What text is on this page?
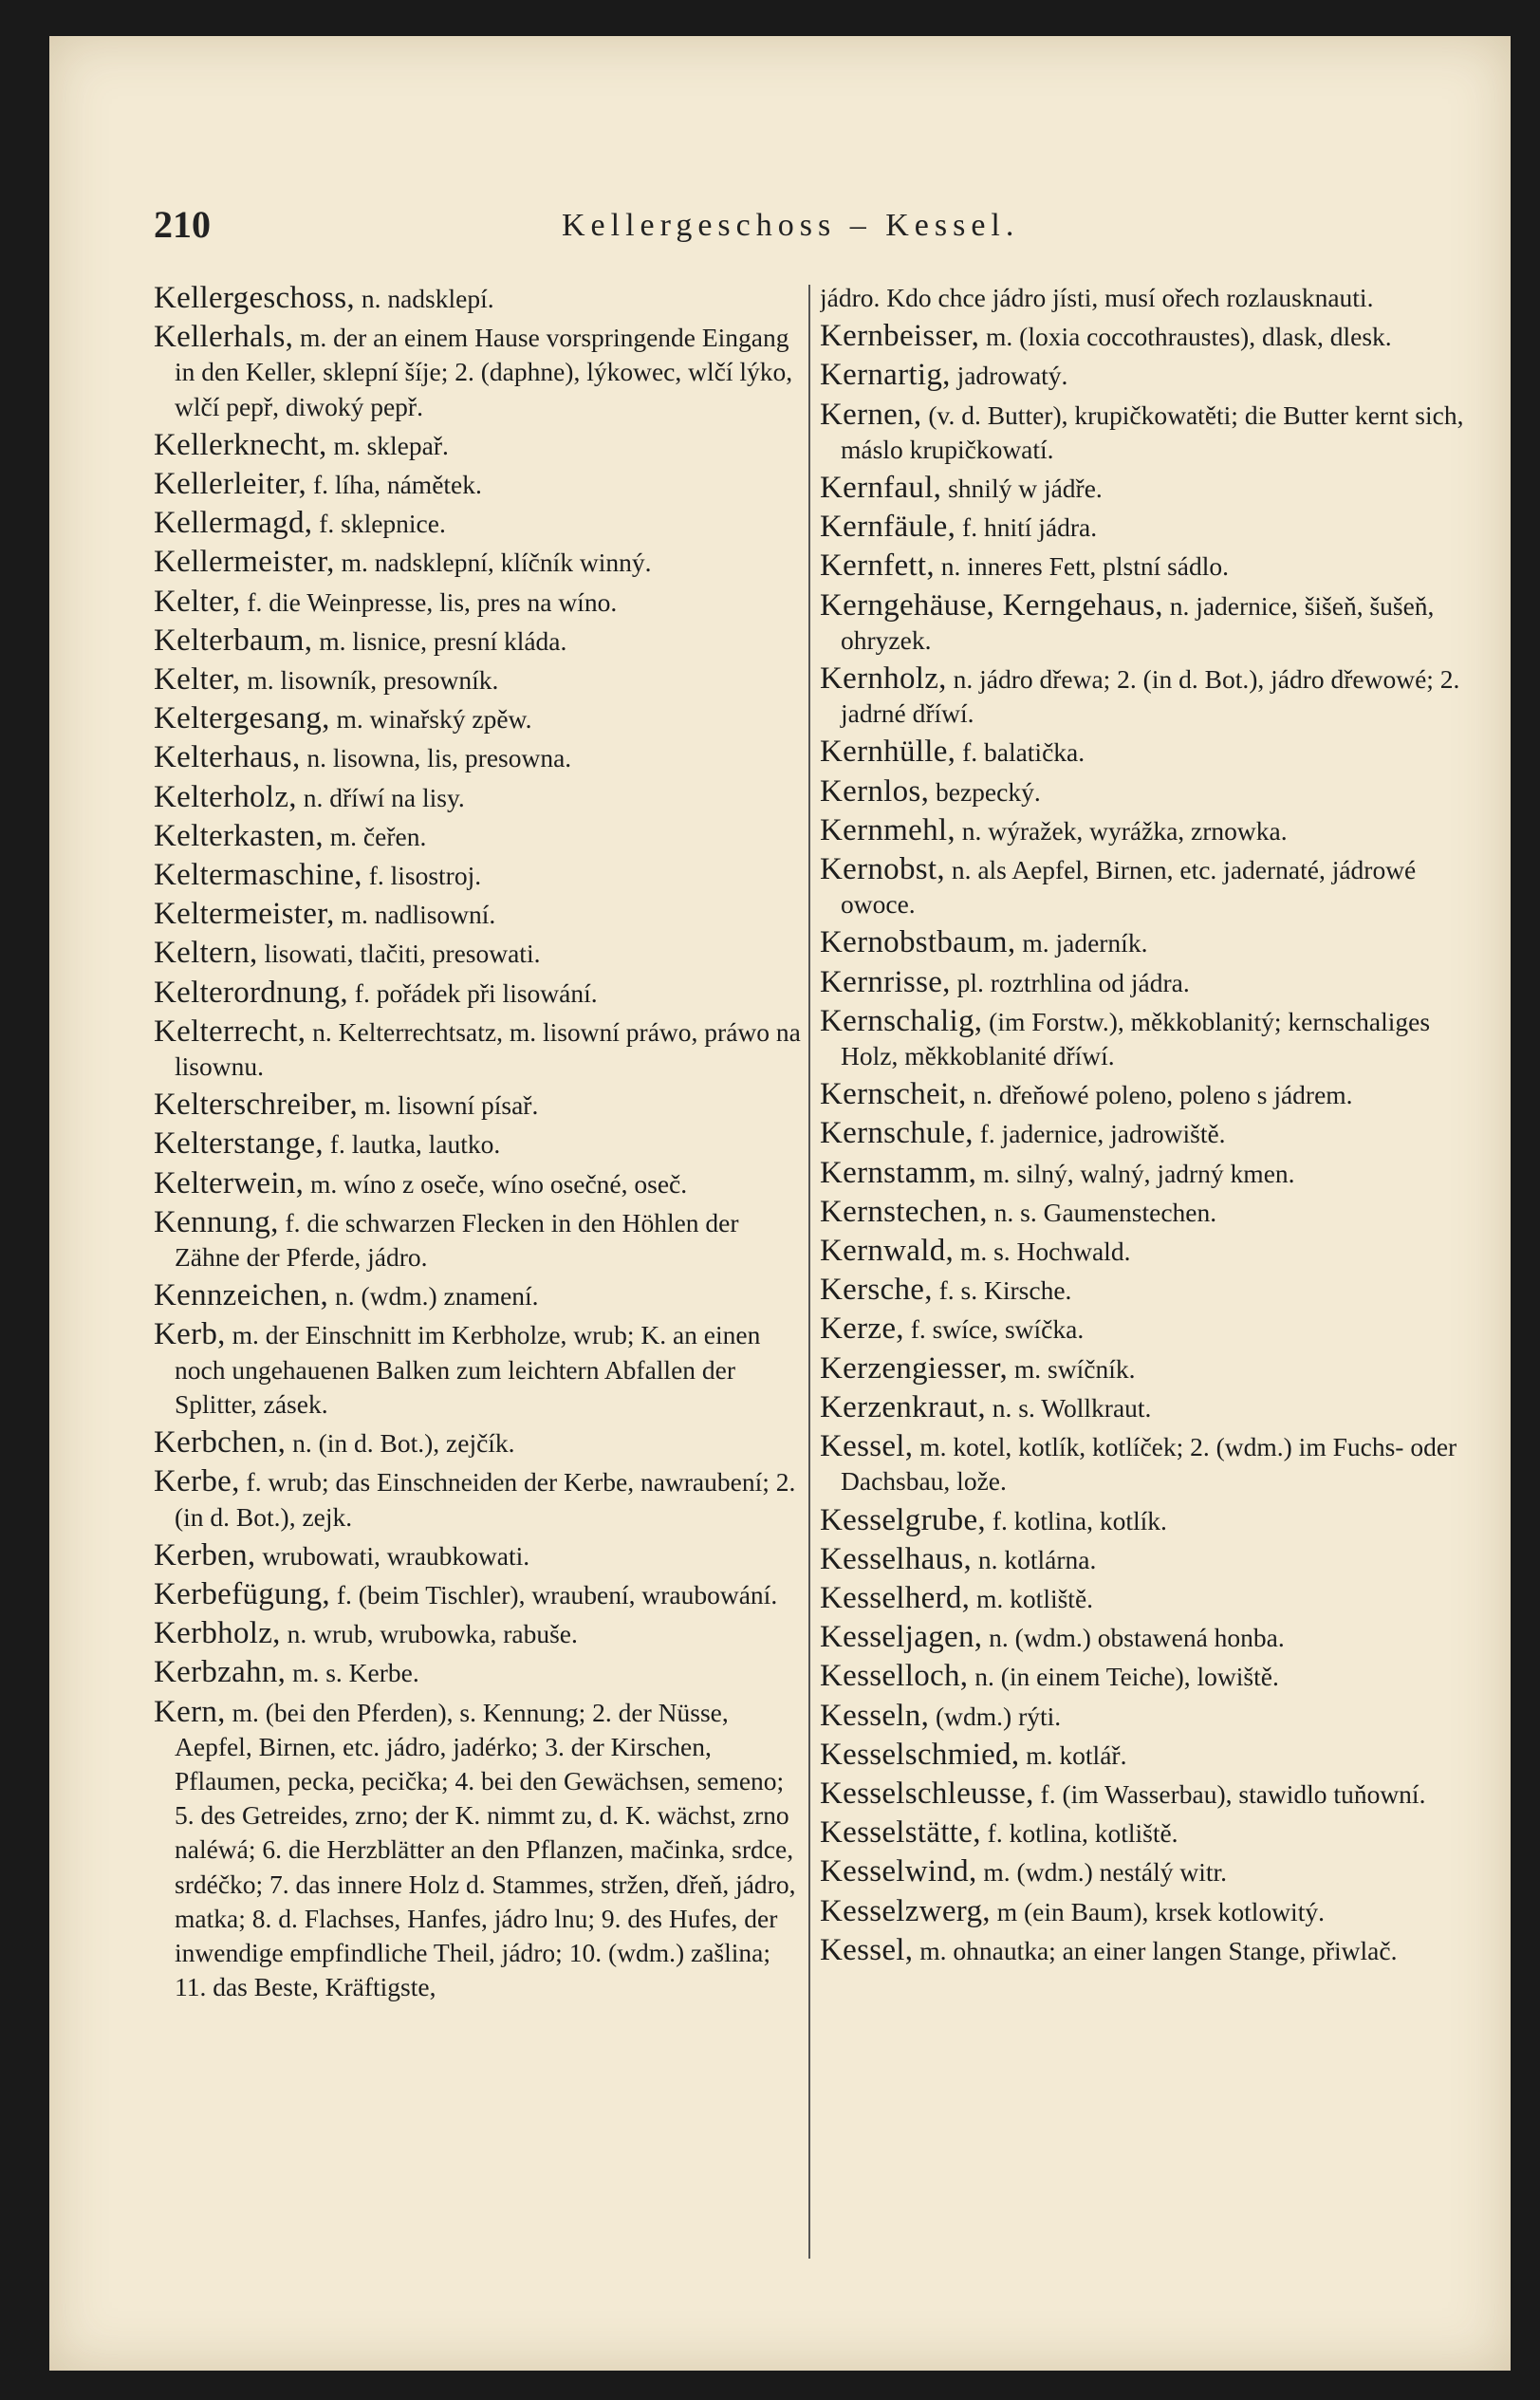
210	Kellergeschoss – Kessel.

Kellergeschoss, n. nadsklepí.

Kellerhals, m. der an einem Hause vorspringende Eingang in den Keller, sklepní šíje; 2. (daphne), lýkowec, wlčí lýko, wlčí pepř, diwoký pepř.

Kellerknecht, m. sklepař.

Kellerleiter, f. líha, námětek.

Kellermagd, f. sklepnice.

Kellermeister, m. nadsklepní, klíčník winný.

Kelter, f. die Weinpresse, lis, pres na wíno.

Kelterbaum, m. lisnice, presní kláda.

Kelter, m. lisowník, presowník.

Keltergesang, m. winařský zpěw.

Kelterhaus, n. lisowna, lis, presowna.

Kelterholz, n. dříwí na lisy.

Kelterkasten, m. čeřen.

Keltermaschine, f. lisostroj.

Keltermeister, m. nadlisowní.

Keltern, lisowati, tlačiti, presowati.

Kelterordnung, f. pořádek při lisowání.

Kelterrecht, n. Kelterrechtsatz, m. lisowní práwo, práwo na lisownu.

Kelterschreiber, m. lisowní písař.

Kelterstange, f. lautka, lautko.

Kelterwein, m. wíno z oseče, wíno osečné, oseč.

Kennung, f. die schwarzen Flecken in den Höhlen der Zähne der Pferde, jádro.

Kennzeichen, n. (wdm.) znamení.

Kerb, m. der Einschnitt im Kerbholze, wrub; K. an einen noch ungehauenen Balken zum leichtern Abfallen der Splitter, zásek.

Kerbchen, n. (in d. Bot.), zejčík.

Kerbe, f. wrub; das Einschneiden der Kerbe, nawraubení; 2. (in d. Bot.), zejk.

Kerben, wrubowati, wraubkowati.

Kerbefügung, f. (beim Tischler), wraubení, wraubowání.

Kerbholz, n. wrub, wrubowka, rabuše.

Kerbzahn, m. s. Kerbe.

Kern, m. (bei den Pferden), s. Kennung; 2. der Nüsse, Aepfel, Birnen, etc. jádro, jadérko; 3. der Kirschen, Pflaumen, pecka, pecička; 4. bei den Gewächsen, semeno; 5. des Getreides, zrno; der K. nimmt zu, d. K. wächst, zrno naléwá; 6. die Herzblätter an den Pflanzen, mačinka, srdce, srdéčko; 7. das innere Holz d. Stammes, stržen, dřeň, jádro, matka; 8. d. Flachses, Hanfes, jádro lnu; 9. des Hufes, der inwendige empfindliche Theil, jádro; 10. (wdm.) zašlina; 11. das Beste, Kräftigste,

jádro. Kdo chce jádro jísti, musí ořech rozlausknauti.

Kernbeisser, m. (loxia coccothraustes), dlask, dlesk.

Kernartig, jadrowatý.

Kernen, (v. d. Butter), krupičkowatěti; die Butter kernt sich, máslo krupičkowatí.

Kernfaul, shnilý w jádře.

Kernfäule, f. hnití jádra.

Kernfett, n. inneres Fett, plstní sádlo.

Kerngehäuse, Kerngehaus, n. jadernice, šišeň, šušeň, ohryzek.

Kernholz, n. jádro dřewa; 2. (in d. Bot.), jádro dřewowé; 2. jadrné dříwí.

Kernhülle, f. balatička.

Kernlos, bezpecký.

Kernmehl, n. wýražek, wyrážka, zrnowka.

Kernobst, n. als Aepfel, Birnen, etc. jadernaté, jádrowé owoce.

Kernobstbaum, m. jaderník.

Kernrisse, pl. roztrhlina od jádra.

Kernschalig, (im Forstw.), měkkoblanitý; kernschaliges Holz, měkkoblanité dříwí.

Kernscheit, n. dřeňowé poleno, poleno s jádrem.

Kernschule, f. jadernice, jadrowiště.

Kernstamm, m. silný, walný, jadrný kmen.

Kernstechen, n. s. Gaumenstechen.

Kernwald, m. s. Hochwald.

Kersche, f. s. Kirsche.

Kerze, f. swíce, swíčka.

Kerzengiesser, m. swíčník.

Kerzenkraut, n. s. Wollkraut.

Kessel, m. kotel, kotlík, kotlíček; 2. (wdm.) im Fuchs- oder Dachsbau, lože.

Kesselgrube, f. kotlina, kotlík.

Kesselhaus, n. kotlárna.

Kesselherd, m. kotliště.

Kesseljagen, n. (wdm.) obstawená honba.

Kesselloch, n. (in einem Teiche), lowiště.

Kesseln, (wdm.) rýti.

Kesselschmied, m. kotlář.

Kesselschleusse, f. (im Wasserbau), stawidlo tuňowní.

Kesselstätte, f. kotlina, kotliště.

Kesselwind, m. (wdm.) nestálý witr.

Kesselzwerg, m (ein Baum), krsek kotlowitý.

Kessel, m. ohnautka; an einer langen Stange, přiwlač.
